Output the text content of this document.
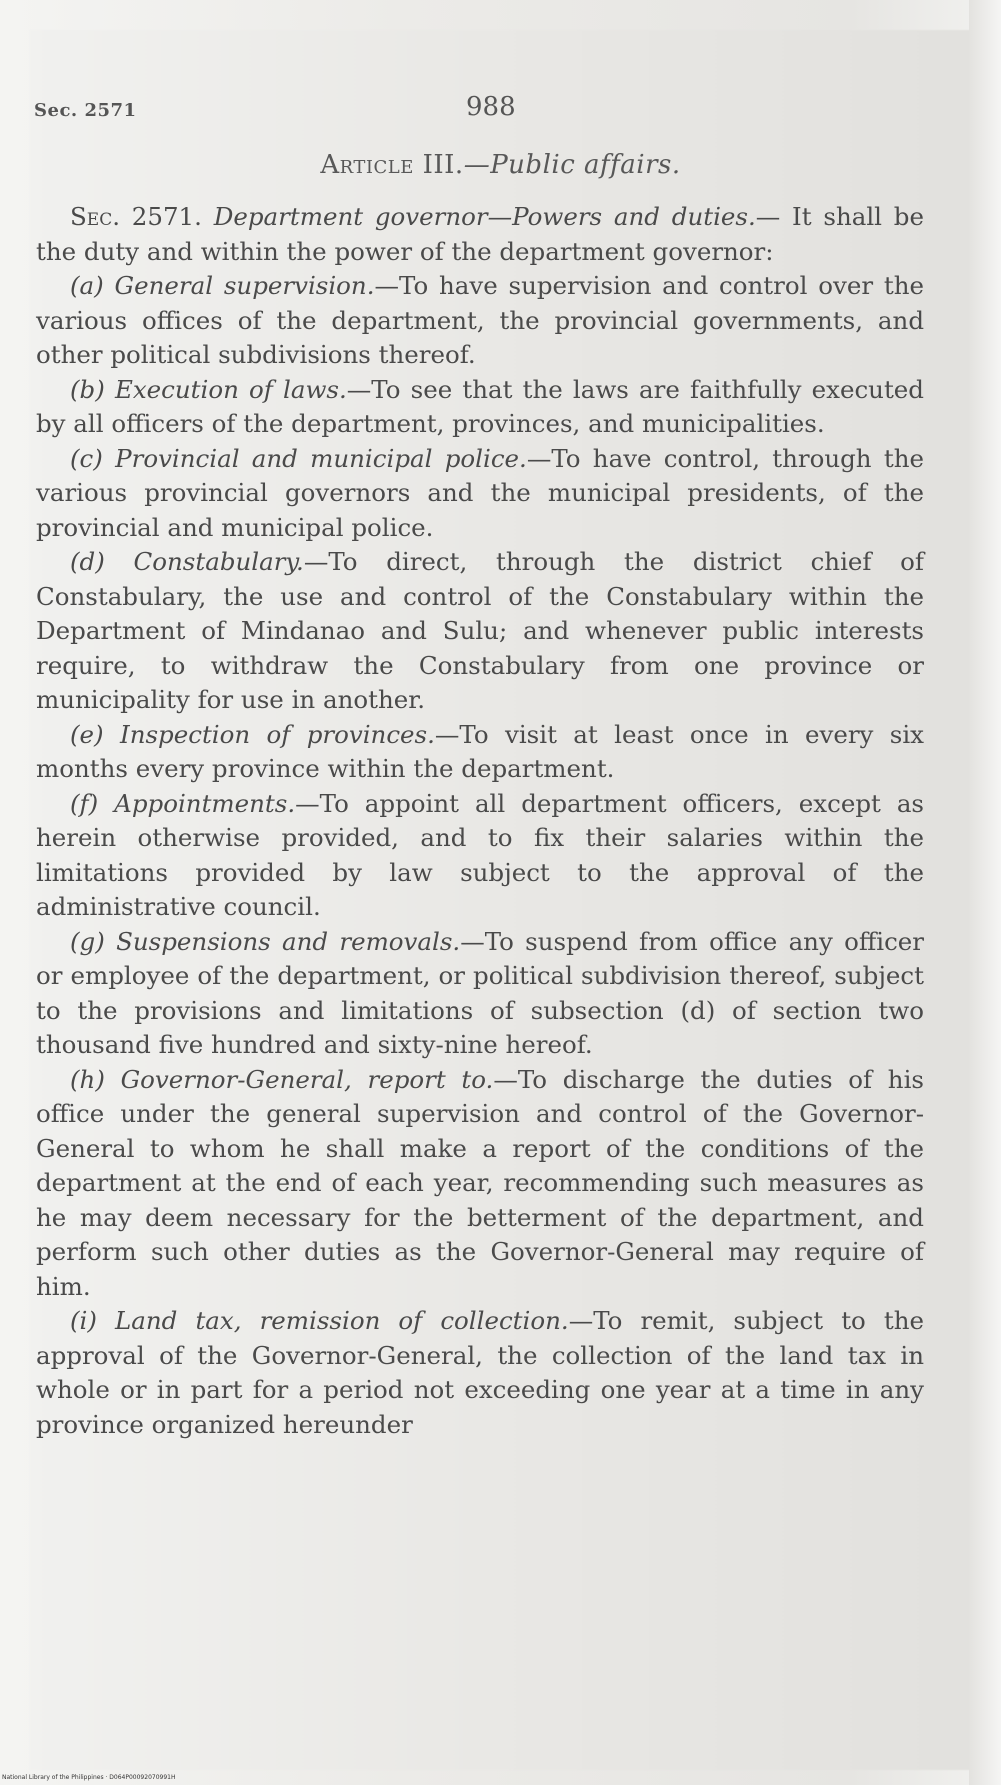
Sec. 2571	988
Article III.—Public affairs.

Sec. 2571. Department governor—Powers and duties.— It shall be the duty and within the power of the department governor:

(a) General supervision.—To have supervision and control over the various offices of the department, the provincial governments, and other political subdivisions thereof.

(b) Execution of laws.—To see that the laws are faithfully executed by all officers of the department, provinces, and municipalities.

(c) Provincial and municipal police.—To have control, through the various provincial governors and the municipal presidents, of the provincial and municipal police.

(d) Constabulary.—To direct, through the district chief of Constabulary, the use and control of the Constabulary within the Department of Mindanao and Sulu; and whenever public interests require, to withdraw the Constabulary from one province or municipality for use in another.

(e) Inspection of provinces.—To visit at least once in every six months every province within the department.

(f) Appointments.—To appoint all department officers, except as herein otherwise provided, and to fix their salaries within the limitations provided by law subject to the approval of the administrative council.

(g) Suspensions and removals.—To suspend from office any officer or employee of the department, or political subdivision thereof, subject to the provisions and limitations of subsection (d) of section two thousand five hundred and sixty-nine hereof.

(h) Governor-General, report to.—To discharge the duties of his office under the general supervision and control of the Governor-General to whom he shall make a report of the conditions of the department at the end of each year, recommending such measures as he may deem necessary for the betterment of the department, and perform such other duties as the Governor-General may require of him.

(i) Land tax, remission of collection.—To remit, subject to the approval of the Governor-General, the collection of the land tax in whole or in part for a period not exceeding one year at a time in any province organized hereunder

National Library of the Philippines · D064P00092070991H
